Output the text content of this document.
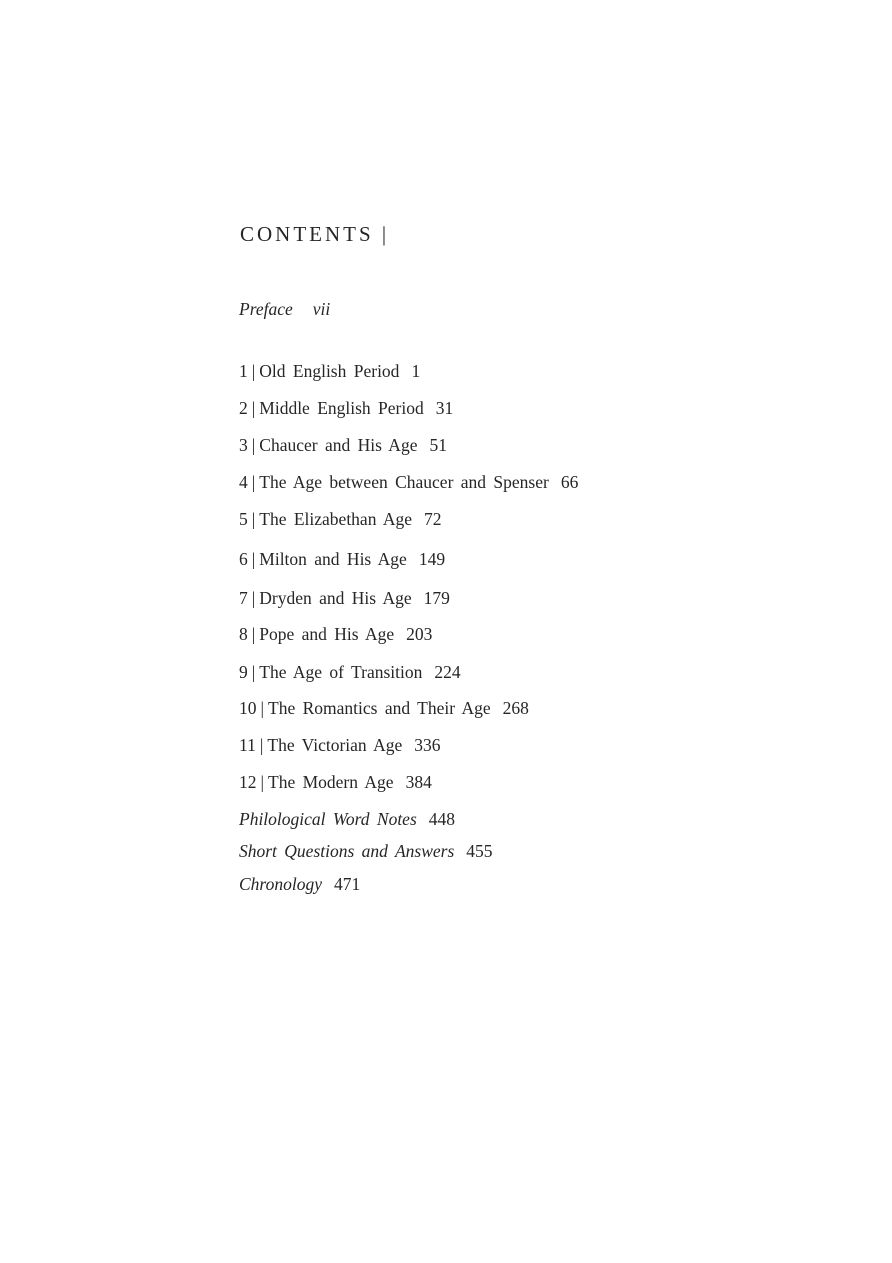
CONTENTS |
Preface vii
1 | Old English Period 1
2 | Middle English Period 31
3 | Chaucer and His Age 51
4 | The Age between Chaucer and Spenser 66
5 | The Elizabethan Age 72
6 | Milton and His Age 149
7 | Dryden and His Age 179
8 | Pope and His Age 203
9 | The Age of Transition 224
10 | The Romantics and Their Age 268
11 | The Victorian Age 336
12 | The Modern Age 384
Philological Word Notes 448
Short Questions and Answers 455
Chronology 471
